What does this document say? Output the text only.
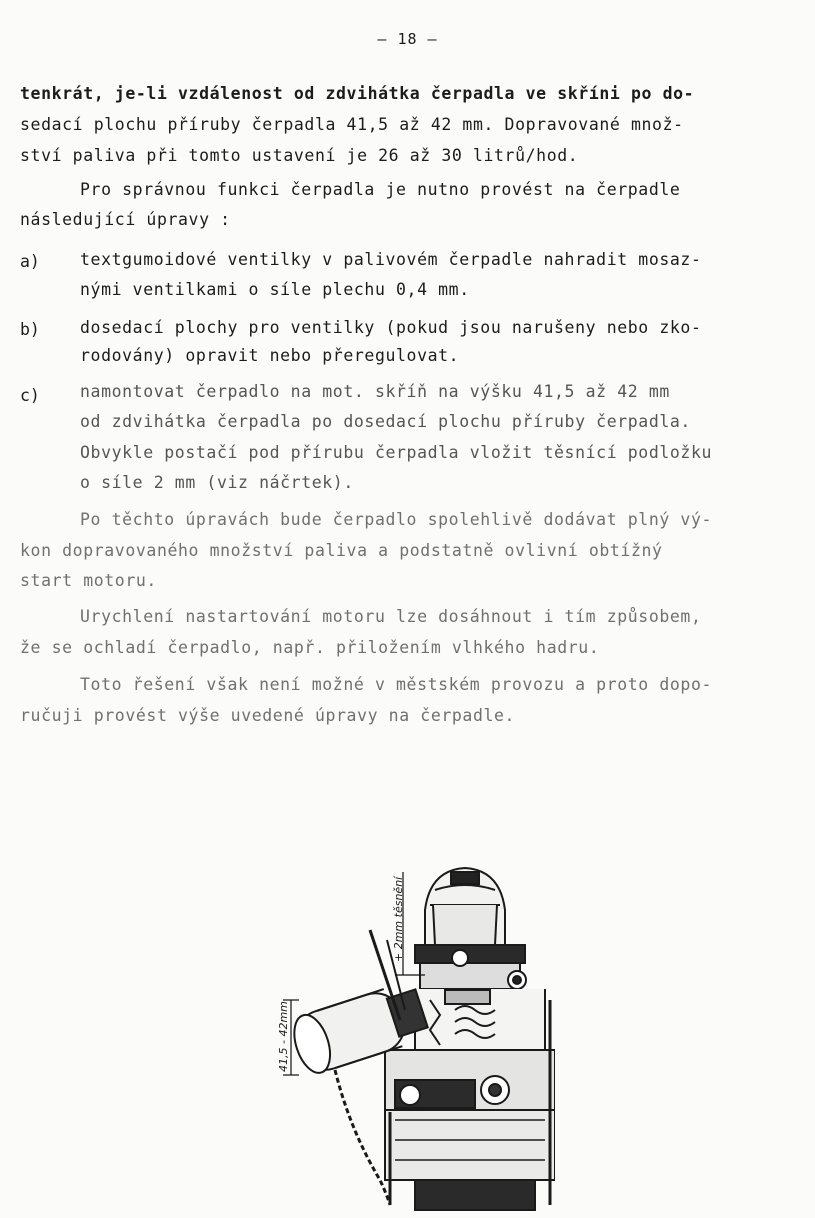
– 18 –
tenkrát, je-li vzdálenost od zdvihátka čerpadla ve skříni po do-
sedací plochu příruby čerpadla 41,5 až 42 mm. Dopravované množ-
ství paliva při tomto ustavení je 26 až 30 litrů/hod.
Pro správnou funkci čerpadla je nutno provést na čerpadle
následující úpravy :
a) textgumoidové ventilky v palivovém čerpadle nahradit mosaz-
nými ventilkami o síle plechu 0,4 mm.
b) dosedací plochy pro ventilky (pokud jsou narušeny nebo zko-
rodovány) opravit nebo přeregulovat.
c) namontovat čerpadlo na mot. skříň na výšku 41,5 až 42 mm
od zdvihátka čerpadla po dosedací plochu příruby čerpadla.
Obvykle postačí pod přírubu čerpadla vložit těsnící podložku
o síle 2 mm (viz náčrtek).
Po těchto úpravách bude čerpadlo spolehlivě dodávat plný vý-
kon dopravovaného množství paliva a podstatně ovlivní obtížný
start motoru.
Urychlení nastartování motoru lze dosáhnout i tím způsobem,
že se ochladí čerpadlo, např. přiložením vlhkého hadru.
Toto řešení však není možné v městském provozu a proto dopo-
ručuji provést výše uvedené úpravy na čerpadle.
+ 2mm těsnění
41,5 - 42mm
